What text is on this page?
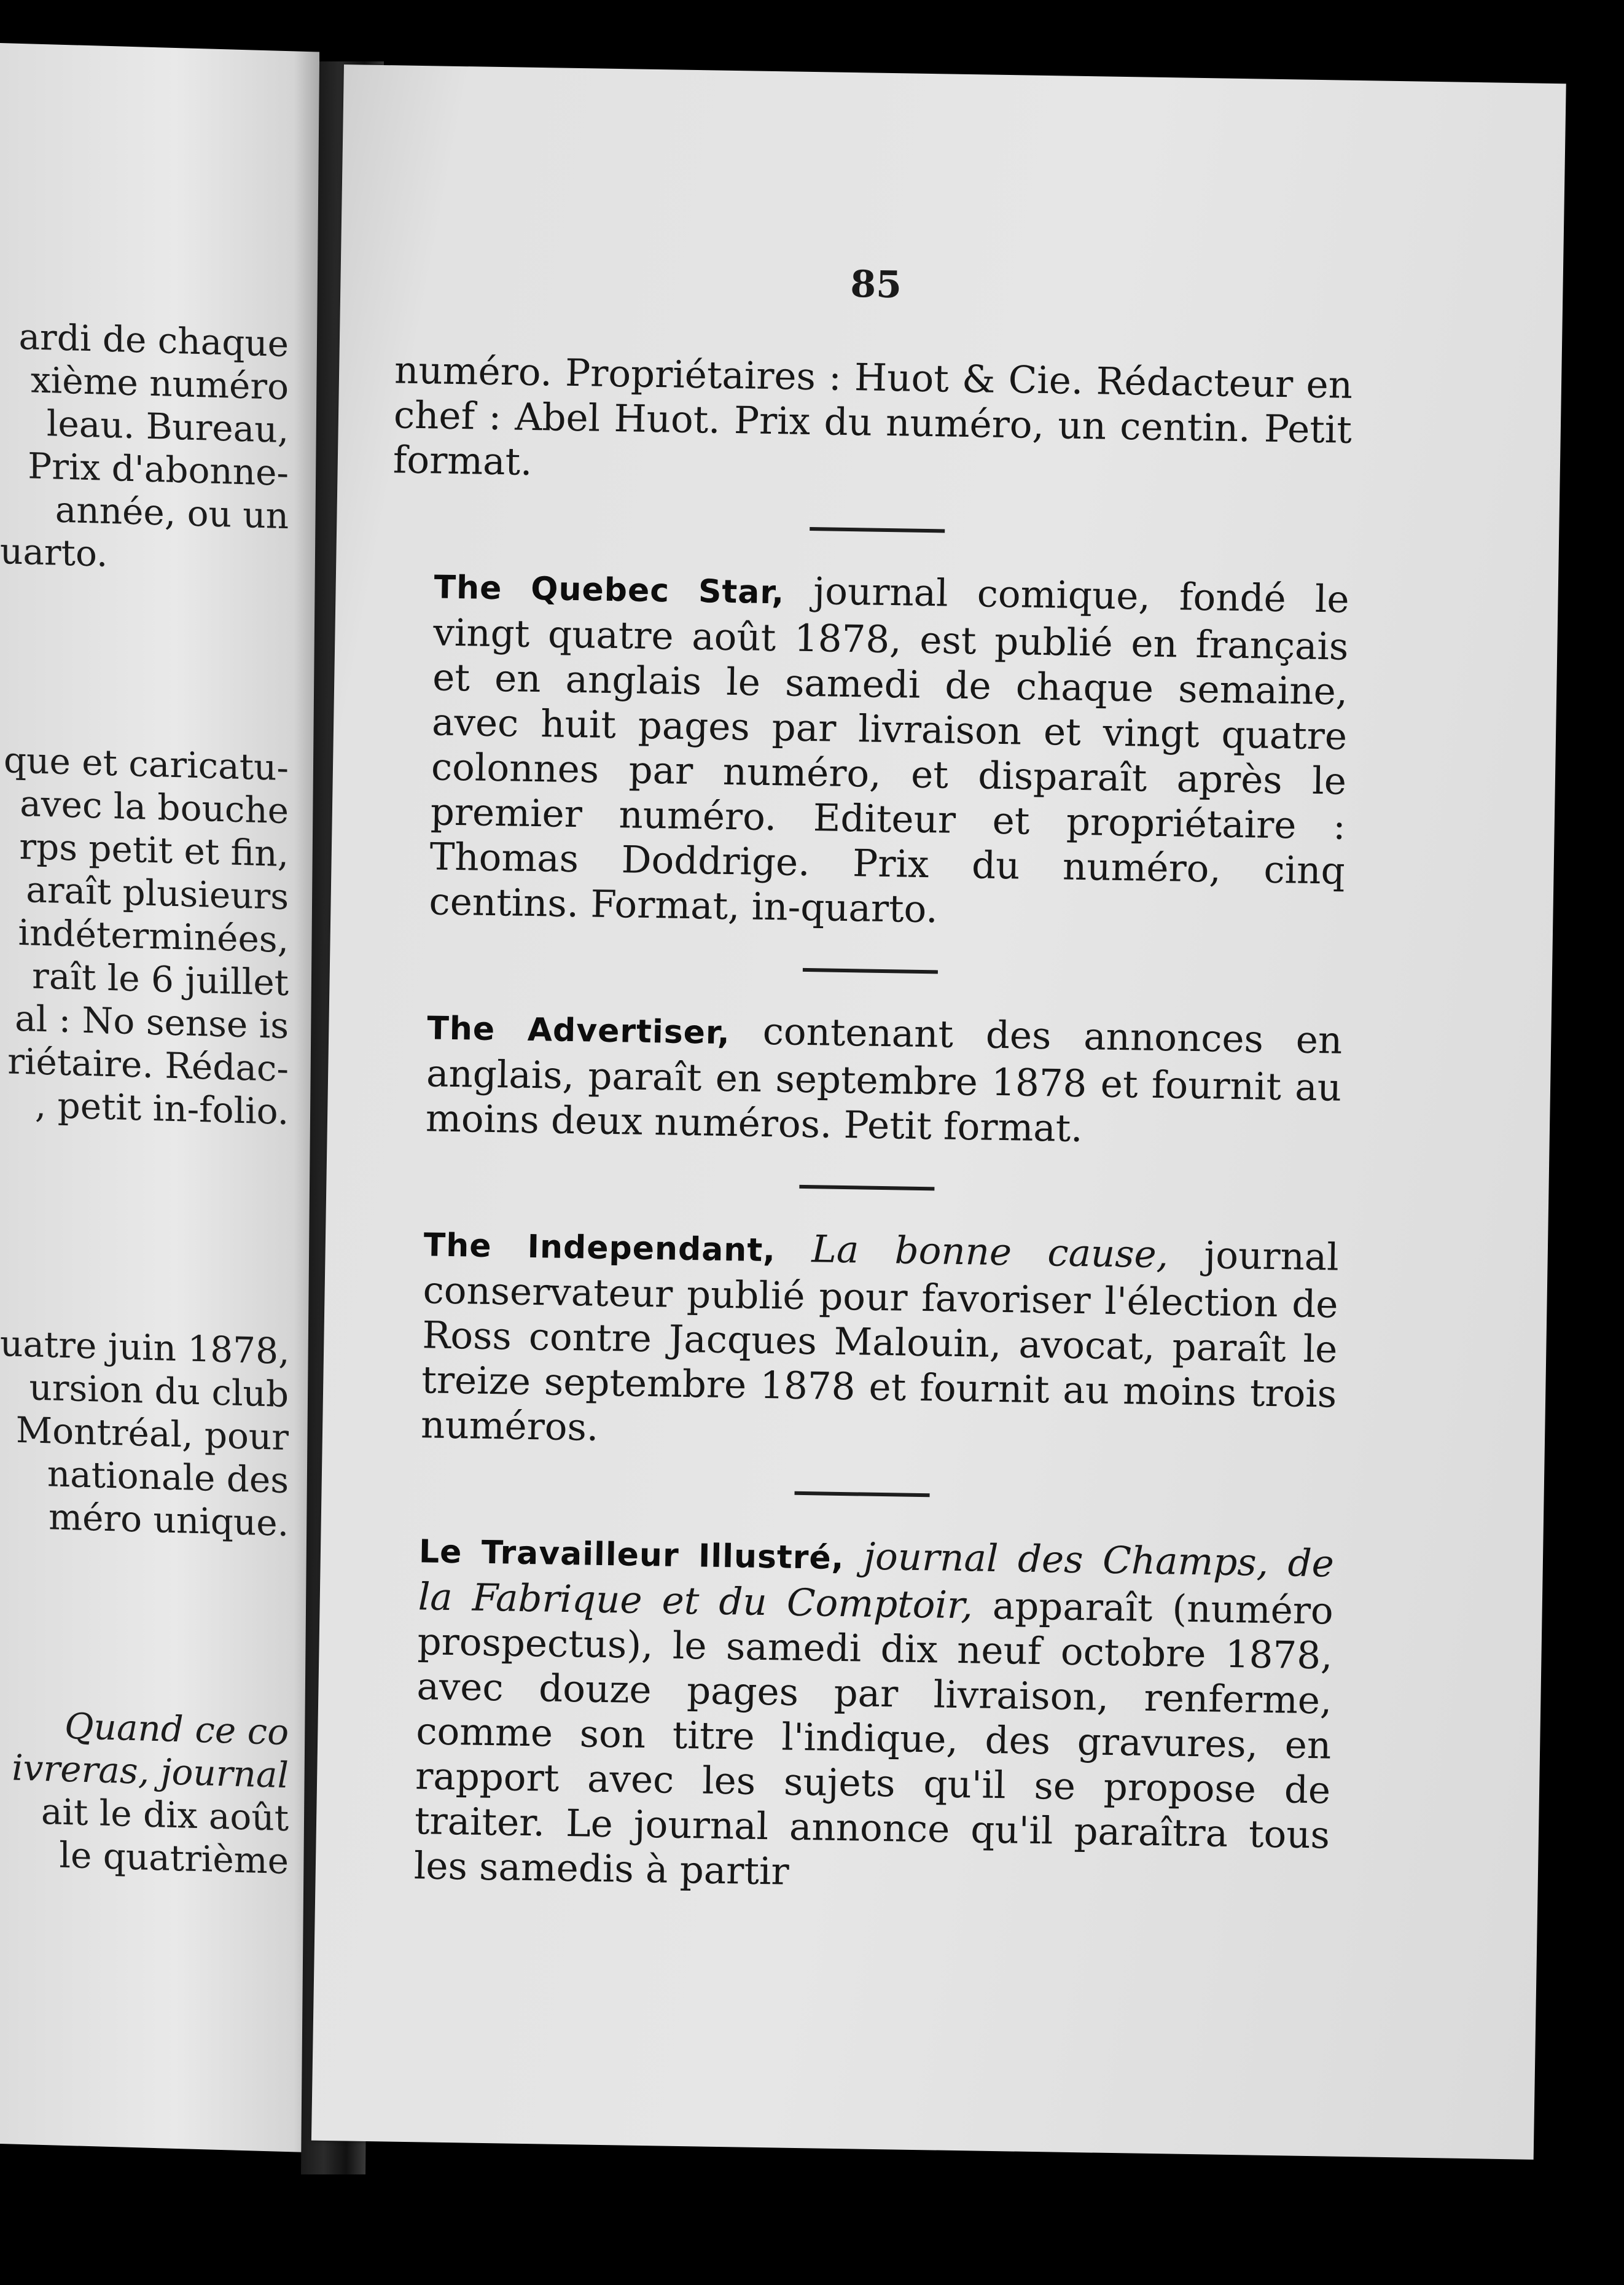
ardi de chaque
xième numéro
leau. Bureau,
Prix d'abonne-
année, ou un
uarto.
que et caricatu-
avec la bouche
rps petit et fin,
araît plusieurs
indéterminées,
raît le 6 juillet
al : No sense is
riétaire. Rédac-
, petit in-folio.
uatre juin 1878,
ursion du club
Montréal, pour
nationale des
méro unique.
Quand ce co
ivreras, journal
ait le dix août
le quatrième
85

numéro. Propriétaires : Huot & Cie. Rédacteur en chef : Abel Huot. Prix du numéro, un centin. Petit format.

The Quebec Star, journal comique, fondé le vingt quatre août 1878, est publié en français et en anglais le samedi de chaque semaine, avec huit pages par livraison et vingt quatre colonnes par numéro, et disparaît après le premier numéro. Editeur et propriétaire : Thomas Doddrige. Prix du numéro, cinq centins. Format, in-quarto.

The Advertiser, contenant des annonces en anglais, paraît en septembre 1878 et fournit au moins deux numéros. Petit format.

The Independant, La bonne cause, journal conservateur publié pour favoriser l'élection de Ross contre Jacques Malouin, avocat, paraît le treize septembre 1878 et fournit au moins trois numéros.

Le Travailleur Illustré, journal des Champs, de la Fabrique et du Comptoir, apparaît (numéro prospectus), le samedi dix neuf octobre 1878, avec douze pages par livraison, renferme, comme son titre l'indique, des gravures, en rapport avec les sujets qu'il se propose de traiter. Le journal annonce qu'il paraîtra tous les samedis à partir
